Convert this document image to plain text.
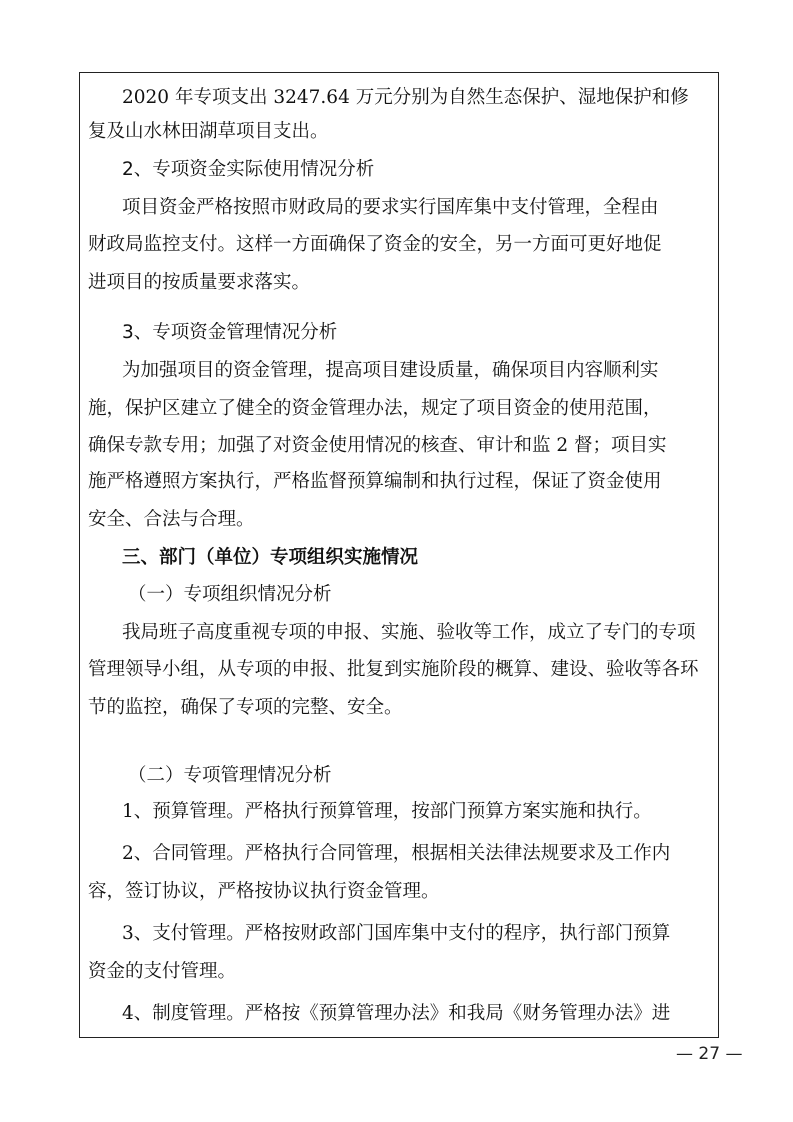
2020 年专项支出 3247.64 万元分别为自然生态保护、湿地保护和修
复及山水林田湖草项目支出。
2、专项资金实际使用情况分析
项目资金严格按照市财政局的要求实行国库集中支付管理，全程由
财政局监控支付。这样一方面确保了资金的安全，另一方面可更好地促
进项目的按质量要求落实。
3、专项资金管理情况分析
为加强项目的资金管理，提高项目建设质量，确保项目内容顺利实
施，保护区建立了健全的资金管理办法，规定了项目资金的使用范围，
确保专款专用；加强了对资金使用情况的核查、审计和监 2 督；项目实
施严格遵照方案执行，严格监督预算编制和执行过程，保证了资金使用
安全、合法与合理。
三、部门（单位）专项组织实施情况
（一）专项组织情况分析
我局班子高度重视专项的申报、实施、验收等工作，成立了专门的专项
管理领导小组，从专项的申报、批复到实施阶段的概算、建设、验收等各环
节的监控，确保了专项的完整、安全。
（二）专项管理情况分析
1、预算管理。严格执行预算管理，按部门预算方案实施和执行。
2、合同管理。严格执行合同管理，根据相关法律法规要求及工作内
容，签订协议，严格按协议执行资金管理。
3、支付管理。严格按财政部门国库集中支付的程序，执行部门预算
资金的支付管理。
4、制度管理。严格按《预算管理办法》和我局《财务管理办法》进
— 27 —
